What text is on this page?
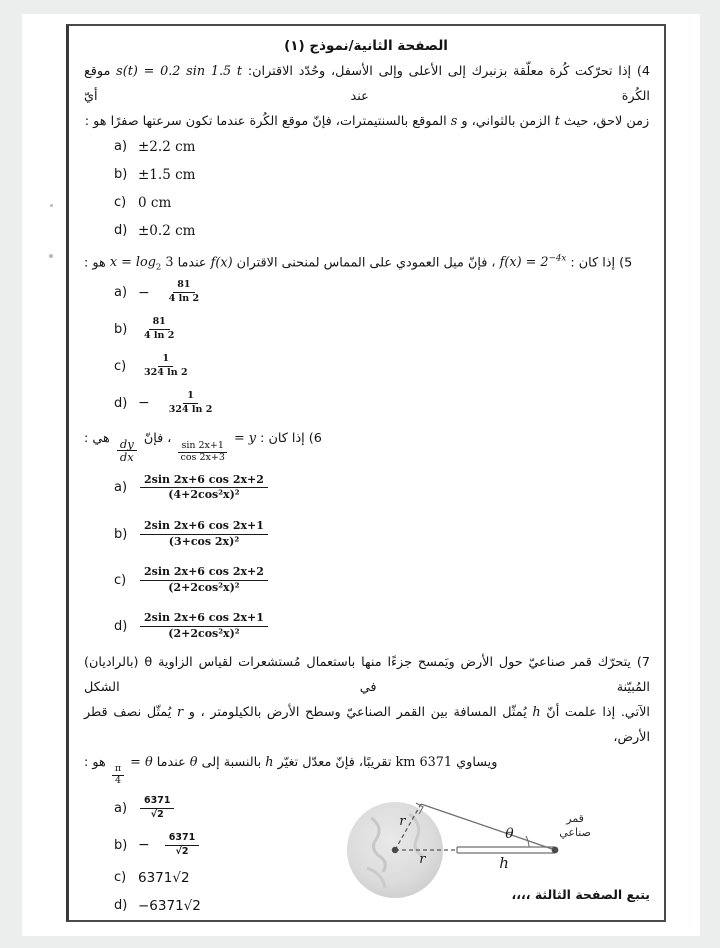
الصفحة الثانية/نموذج (١)
4) إذا تحرّكت كُرة معلّقة بزنبرك إلى الأعلى وإلى الأسفل، وحُدّد الاقتران: s(t) = 0.2 sin 1.5 t موقع الكُرة عند أيّ
زمن لاحق، حيث t الزمن بالثواني، و s الموقع بالسنتيمترات، فإنّ موقع الكُرة عندما تكون سرعتها صفرًا هو :
a) ±2.2 cm
b) ±1.5 cm
c) 0 cm
d) ±0.2 cm
5) إذا كان : $f(x) = 2^{-4x}$ ، فإنّ ميل العمودي على المماس لمنحنى الاقتران f(x) عندما $x = \log_2 3$ هو :
$a) - \frac{81}{4 \ln 2}$
$b) \frac{81}{4 \ln 2}$
$c) \frac{1}{324 \ln 2}$
$d) - \frac{1}{324 \ln 2}$
6) إذا كان : y =
$\frac{1+\sin 2x}{3+\cos 2x}$
، فإنّ
$\frac{dy}{dx}$
هي :
$a) \frac{2\sin 2x+6 \cos 2x+2}{\text{(4+2cos²x)²}}$
$b) \frac{2\sin 2x+6 \cos 2x+1}{\text{(3+cos 2x)²}}$
$c) \frac{2\sin 2x+6 \cos 2x+2}{\text{(2+2cos²x)²}}$
$d) \frac{2\sin 2x+6 \cos 2x+1}{\text{(2+2cos²x)²}}$
7) يتحرّك قمر صناعيّ حول الأرض ويَمسح جزءًا منها باستعمال مُستشعرات لقياس الزاوية θ (بالراديان) المُبيّنة في الشكل
الآتي. إذا علمت أنّ h يُمثّل المسافة بين القمر الصناعيّ وسطح الأرض بالكيلومتر ، و r يُمثّل نصف قطر الأرض،
ويساوي 6371 km تقريبًا، فإنّ معدّل تغيّر h بالنسبة إلى θ عندما θ =
$\frac{\pi}{4}$
هو :
$a) \frac{6371}{√2}$
$b) - \frac{6371}{√2}$
c) 6371√2
d) −6371√2
قمر
صناعي
r
r	h
θ
يتبع الصفحة الثالثة ،،،،
